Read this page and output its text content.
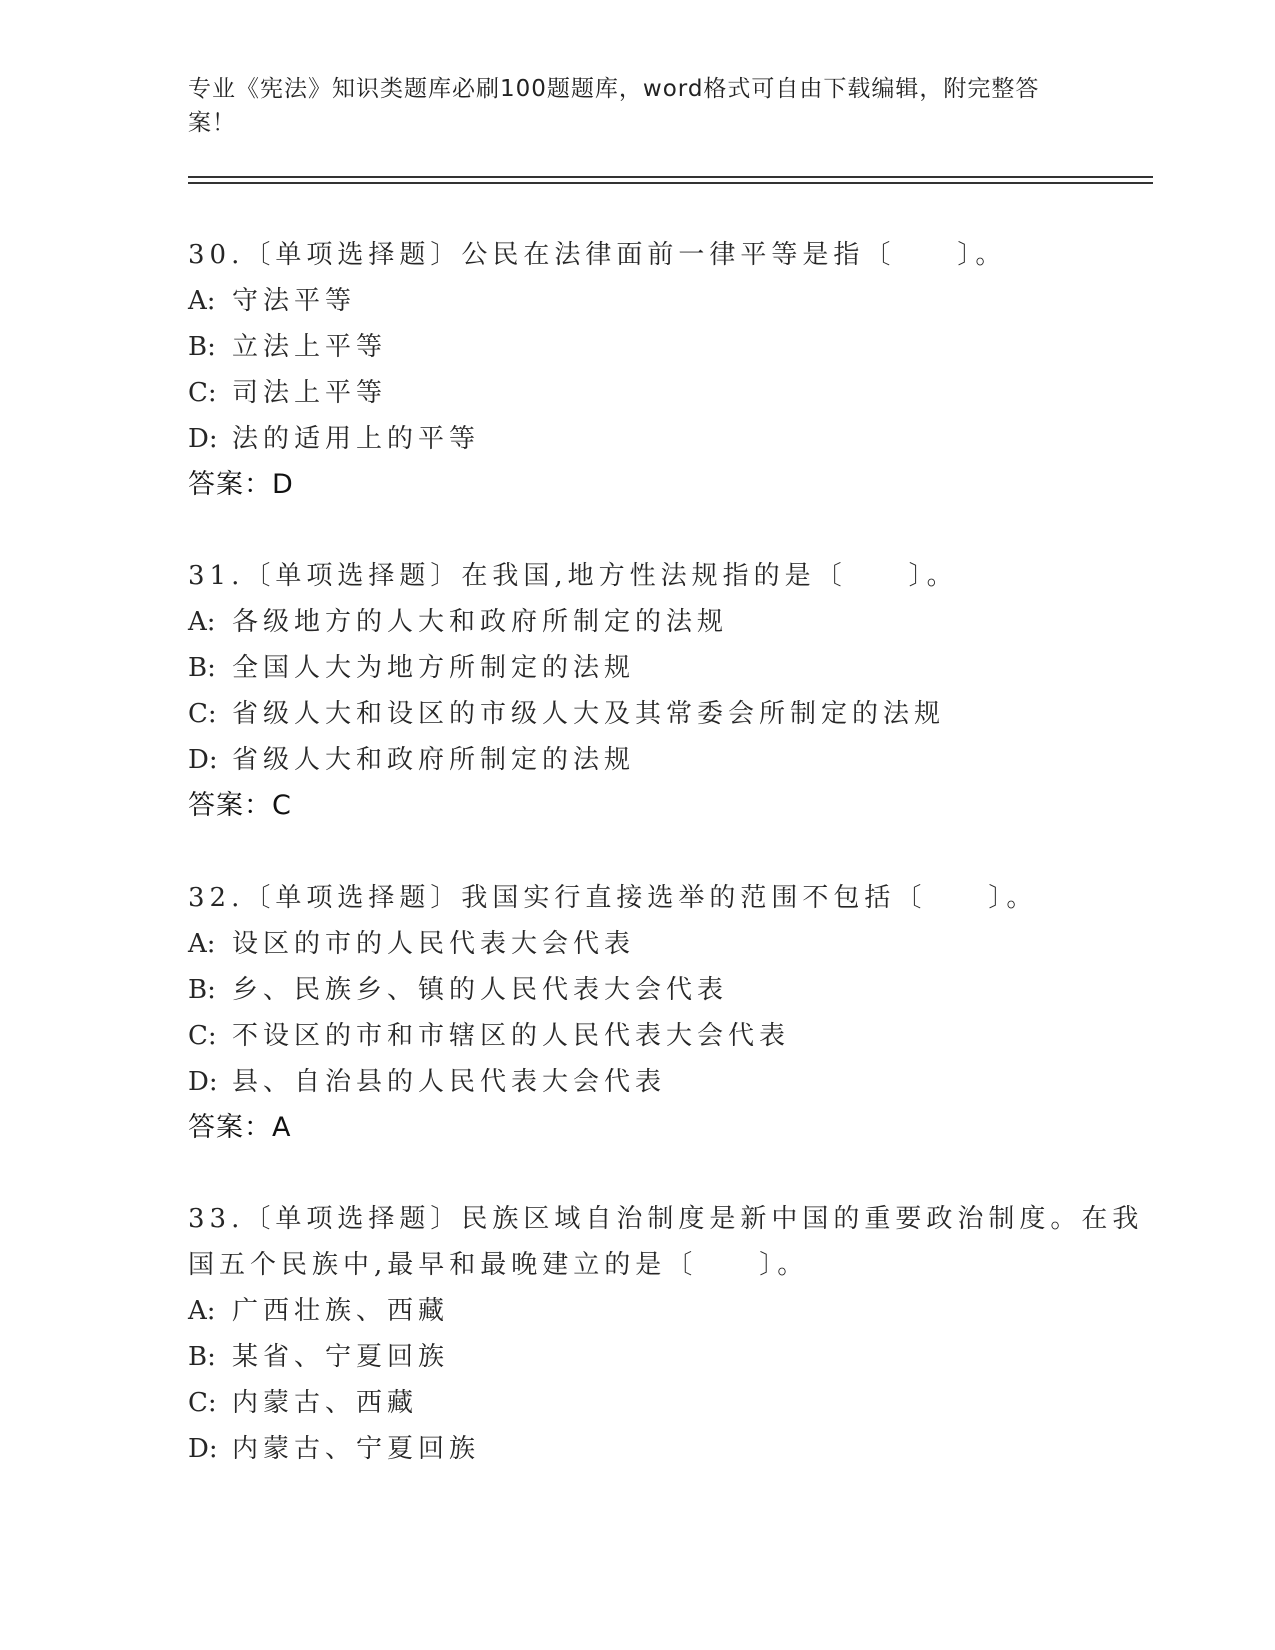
专业《宪法》知识类题库必刷100题题库，word格式可自由下载编辑，附完整答
案！
30.〔单项选择题〕公民在法律面前一律平等是指〔　　〕。
A: 守法平等
B: 立法上平等
C: 司法上平等
D: 法的适用上的平等
答案：D
31.〔单项选择题〕在我国,地方性法规指的是〔　　〕。
A: 各级地方的人大和政府所制定的法规
B: 全国人大为地方所制定的法规
C: 省级人大和设区的市级人大及其常委会所制定的法规
D: 省级人大和政府所制定的法规
答案：C
32.〔单项选择题〕我国实行直接选举的范围不包括〔　　〕。
A: 设区的市的人民代表大会代表
B: 乡、民族乡、镇的人民代表大会代表
C: 不设区的市和市辖区的人民代表大会代表
D: 县、自治县的人民代表大会代表
答案：A
33.〔单项选择题〕民族区域自治制度是新中国的重要政治制度。在我
国五个民族中,最早和最晚建立的是〔　　〕。
A: 广西壮族、西藏
B: 某省、宁夏回族
C: 内蒙古、西藏
D: 内蒙古、宁夏回族
